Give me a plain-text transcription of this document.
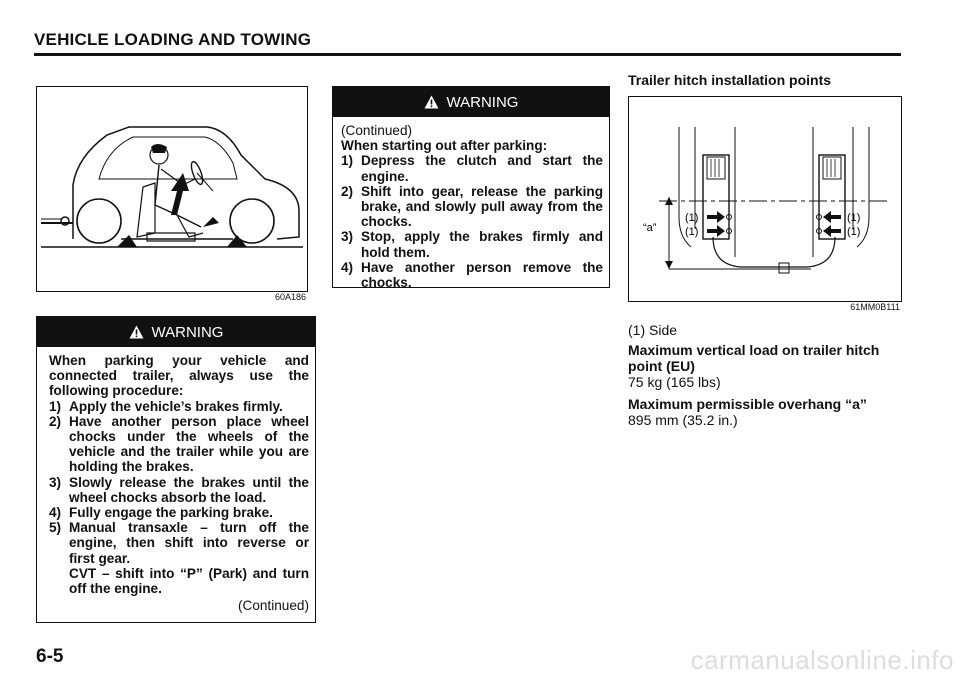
VEHICLE LOADING AND TOWING
60A186
WARNING
When parking your vehicle and connected trailer, always use the following procedure:
1) Apply the vehicle’s brakes firmly.
2) Have another person place wheel chocks under the wheels of the vehicle and the trailer while you are holding the brakes.
3) Slowly release the brakes until the wheel chocks absorb the load.
4) Fully engage the parking brake.
5) Manual transaxle – turn off the engine, then shift into reverse or first gear.
CVT – shift into “P” (Park) and turn off the engine.
(Continued)
WARNING
(Continued)
When starting out after parking:
1) Depress the clutch and start the engine.
2) Shift into gear, release the parking brake, and slowly pull away from the chocks.
3) Stop, apply the brakes firmly and hold them.
4) Have another person remove the chocks.
Trailer hitch installation points
“a”
(1)
(1)
(1)
(1)
61MM0B111
(1) Side
Maximum vertical load on trailer hitch point (EU)
75 kg (165 lbs)
Maximum permissible overhang “a”
895 mm (35.2 in.)
6-5	carmanualsonline.info
